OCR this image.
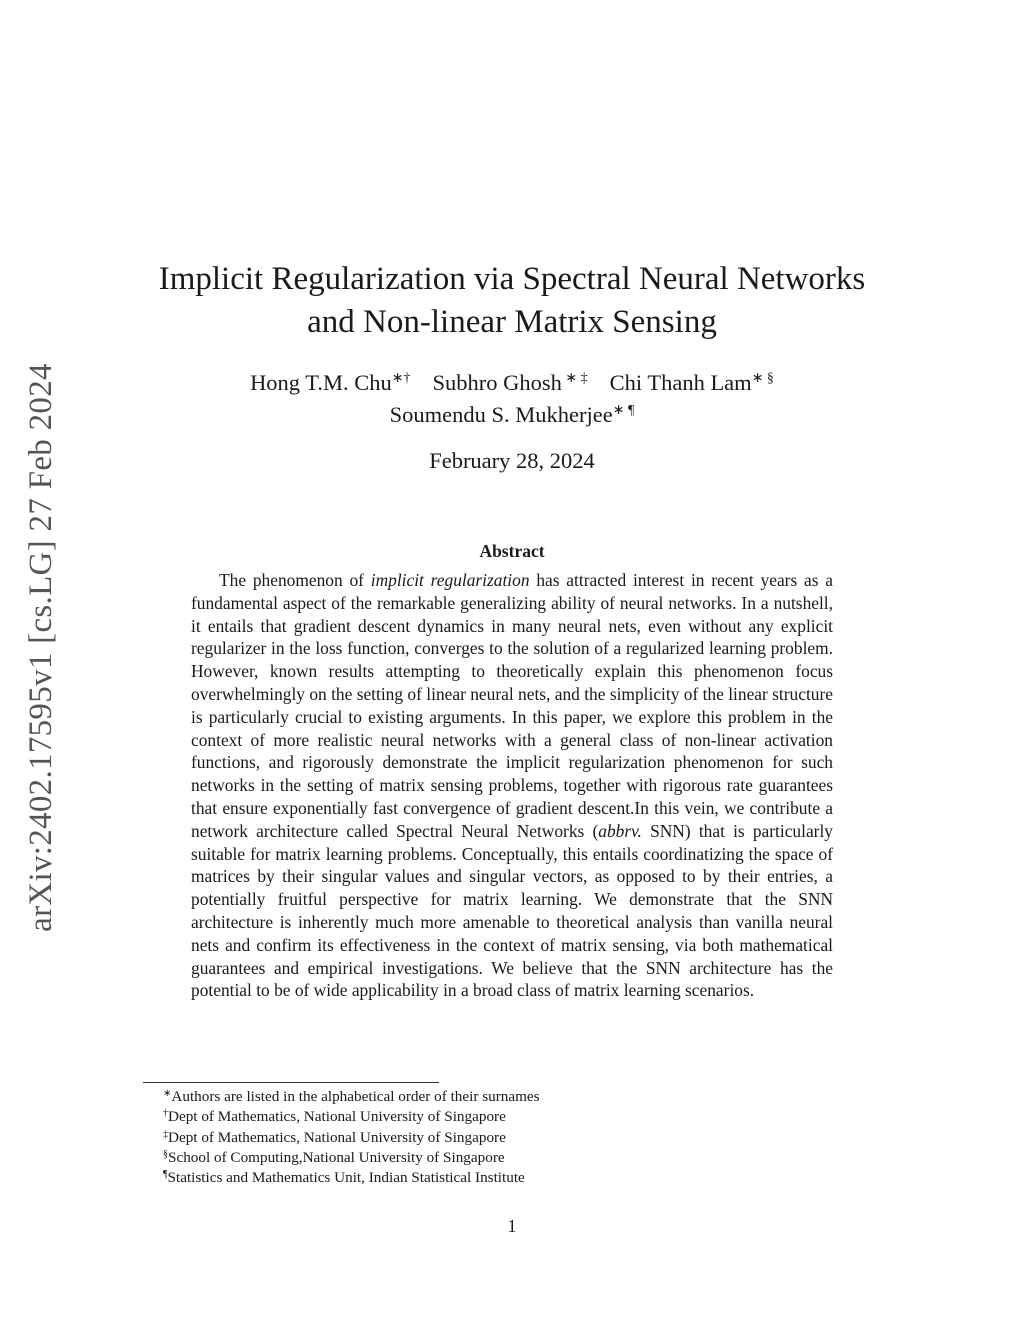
arXiv:2402.17595v1 [cs.LG] 27 Feb 2024
Implicit Regularization via Spectral Neural Networks
and Non-linear Matrix Sensing
Hong T.M. Chu∗† Subhro Ghosh ∗ ‡ Chi Thanh Lam∗ §
Soumendu S. Mukherjee∗ ¶
February 28, 2024
Abstract

The phenomenon of implicit regularization has attracted interest in recent years as a fundamental aspect of the remarkable generalizing ability of neural networks. In a nutshell, it entails that gradient descent dynamics in many neural nets, even without any explicit regularizer in the loss function, converges to the solution of a regularized learning problem. However, known results attempting to theoretically explain this phenomenon focus overwhelmingly on the setting of linear neural nets, and the simplicity of the linear structure is particularly crucial to existing arguments. In this paper, we explore this problem in the context of more realistic neural networks with a general class of non-linear activation functions, and rigorously demonstrate the implicit regularization phenomenon for such networks in the setting of matrix sensing problems, together with rigorous rate guarantees that ensure exponentially fast convergence of gradient descent.In this vein, we contribute a network architecture called Spectral Neural Networks (abbrv. SNN) that is particularly suitable for matrix learning problems. Conceptually, this entails coordinatizing the space of matrices by their singular values and singular vectors, as opposed to by their entries, a potentially fruitful perspective for matrix learning. We demonstrate that the SNN architecture is inherently much more amenable to theoretical analysis than vanilla neural nets and confirm its effectiveness in the context of matrix sensing, via both mathematical guarantees and empirical investigations. We believe that the SNN architecture has the potential to be of wide applicability in a broad class of matrix learning scenarios.

∗Authors are listed in the alphabetical order of their surnames
†Dept of Mathematics, National University of Singapore
‡Dept of Mathematics, National University of Singapore
§School of Computing,National University of Singapore
¶Statistics and Mathematics Unit, Indian Statistical Institute
1
